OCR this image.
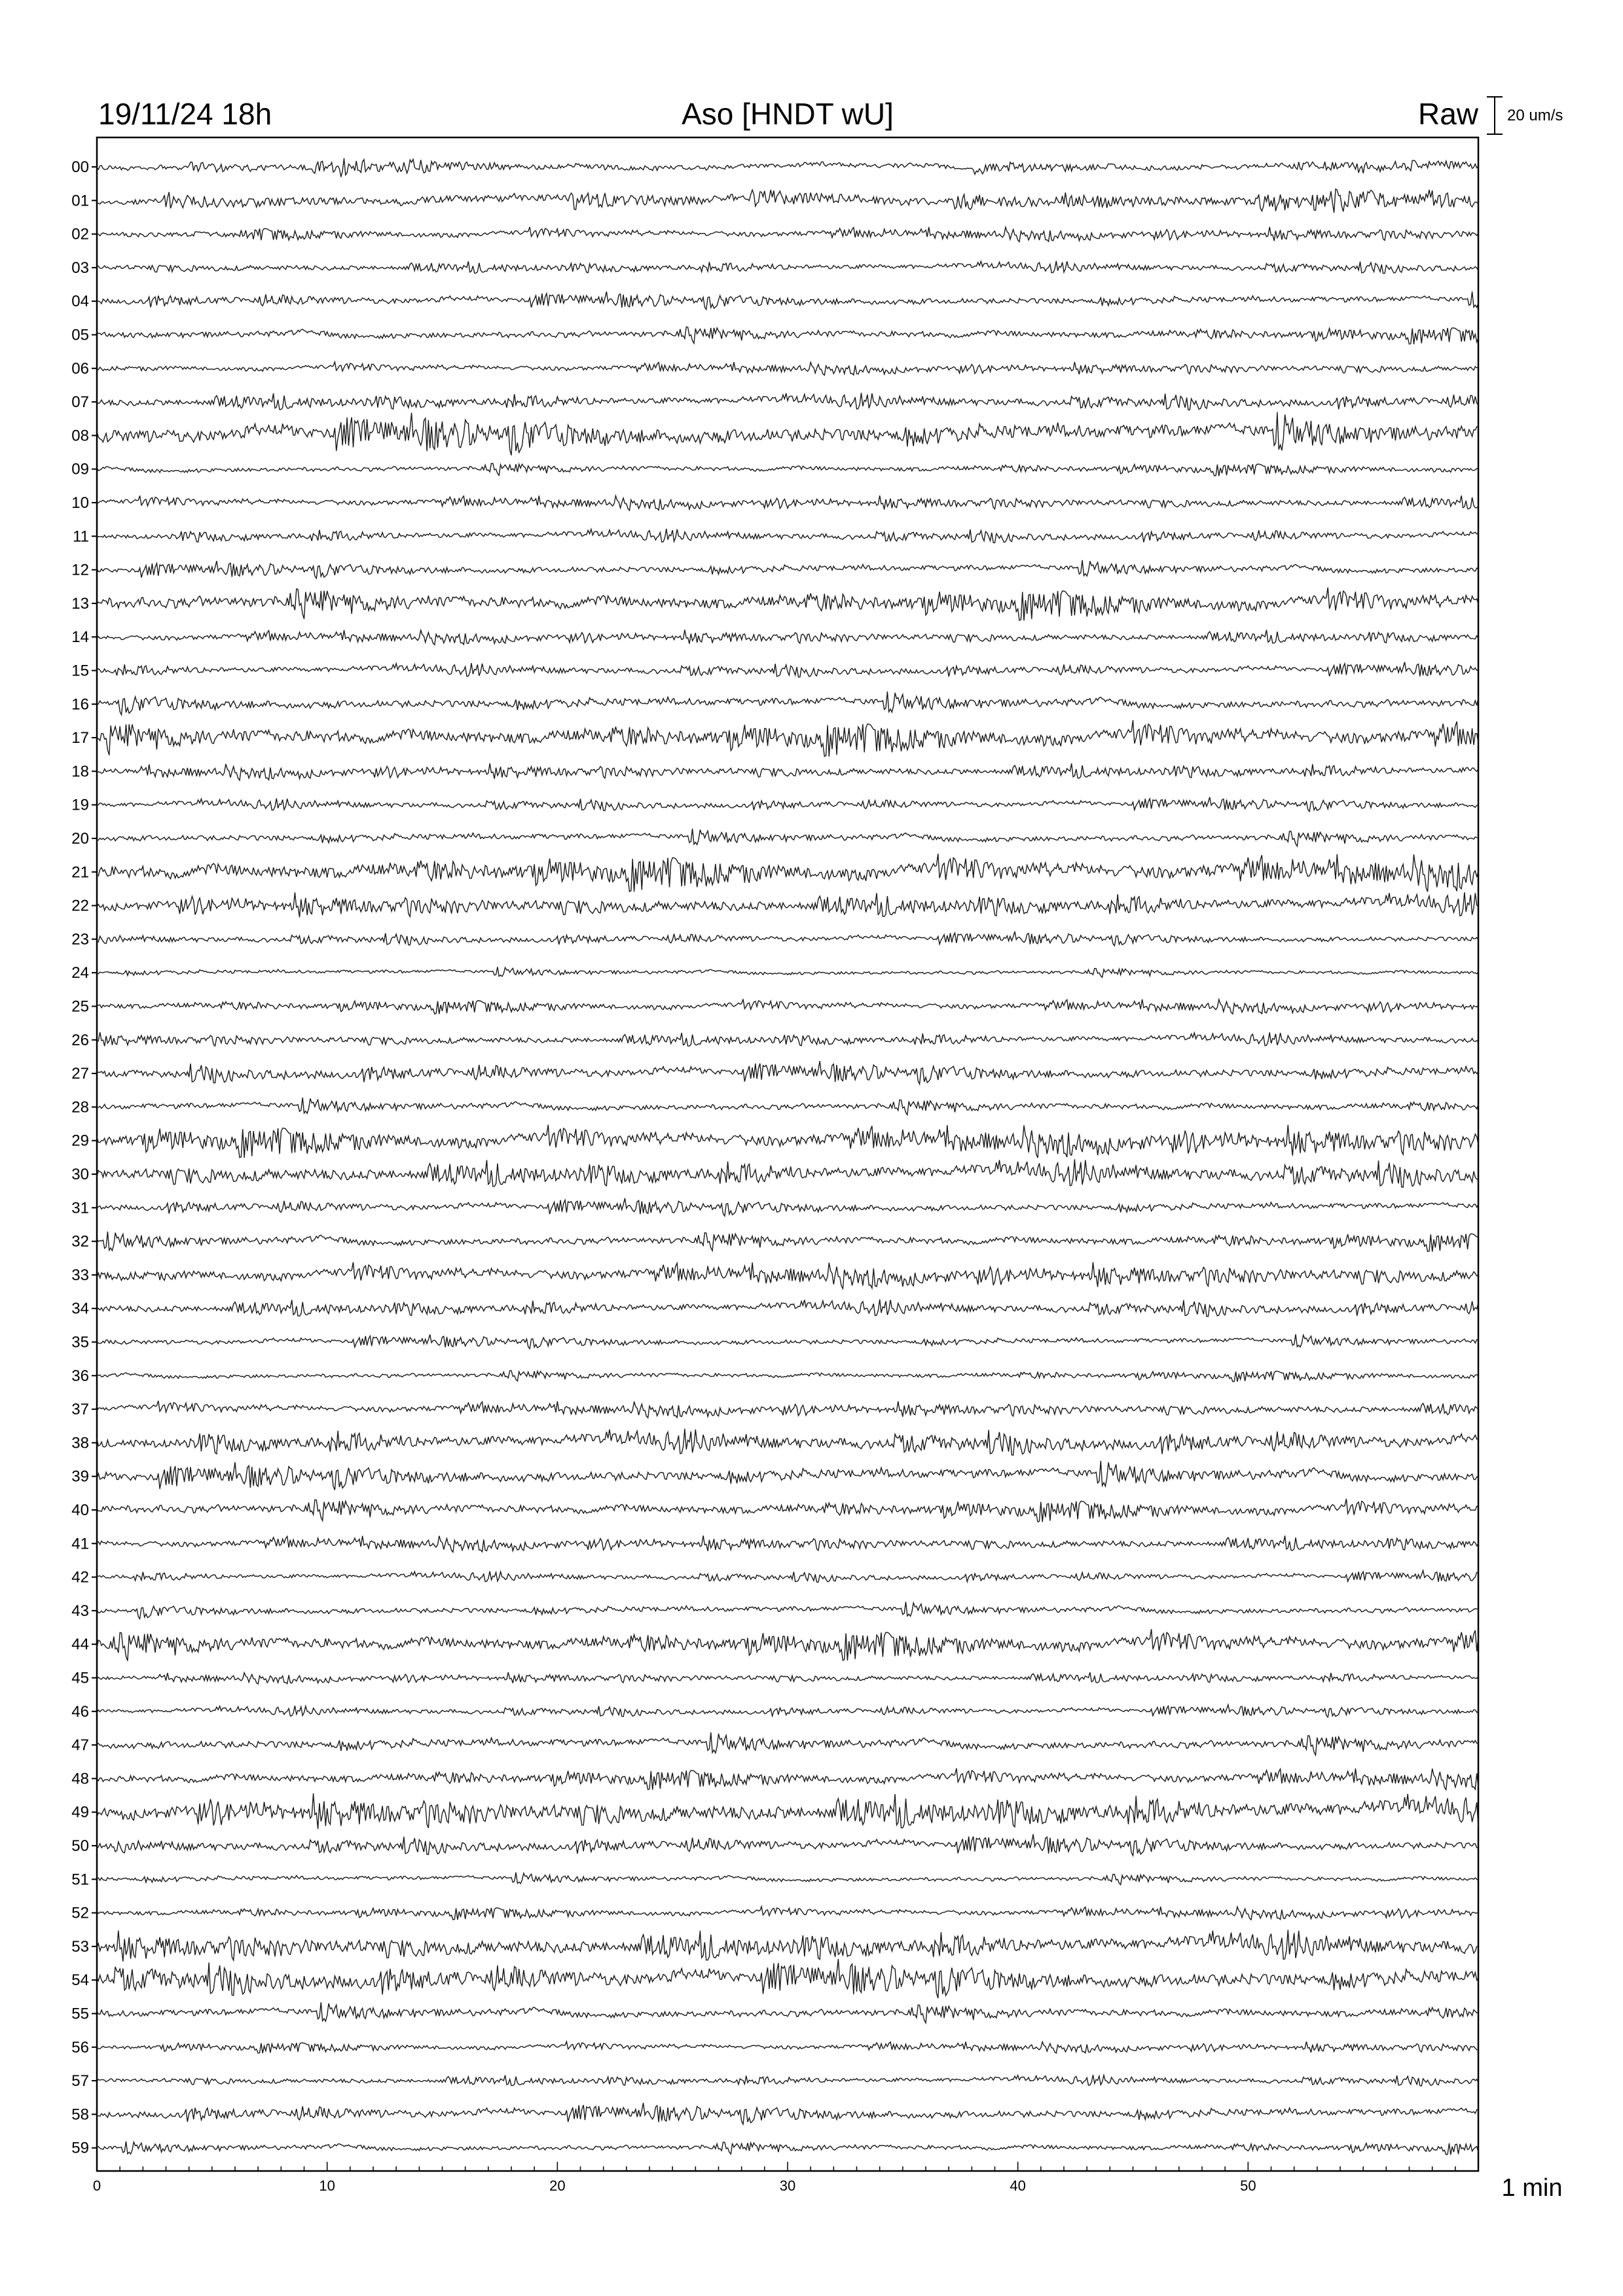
19/11/24 18h	Aso [HNDT wU]	Raw 20 um/s
00
01
02
03
04
05
06
07
08
09
10
11
12
13
14
15
16
17
18
19
20
21
22
23
24
25
26
27
28
29
30
31
32
33
34
35
36
37
38
39
40
41
42
43
44
45
46
47
48
49
50
51
52
53
54
55
56
57
58
59
0	10	20	30	40	50	1 min
